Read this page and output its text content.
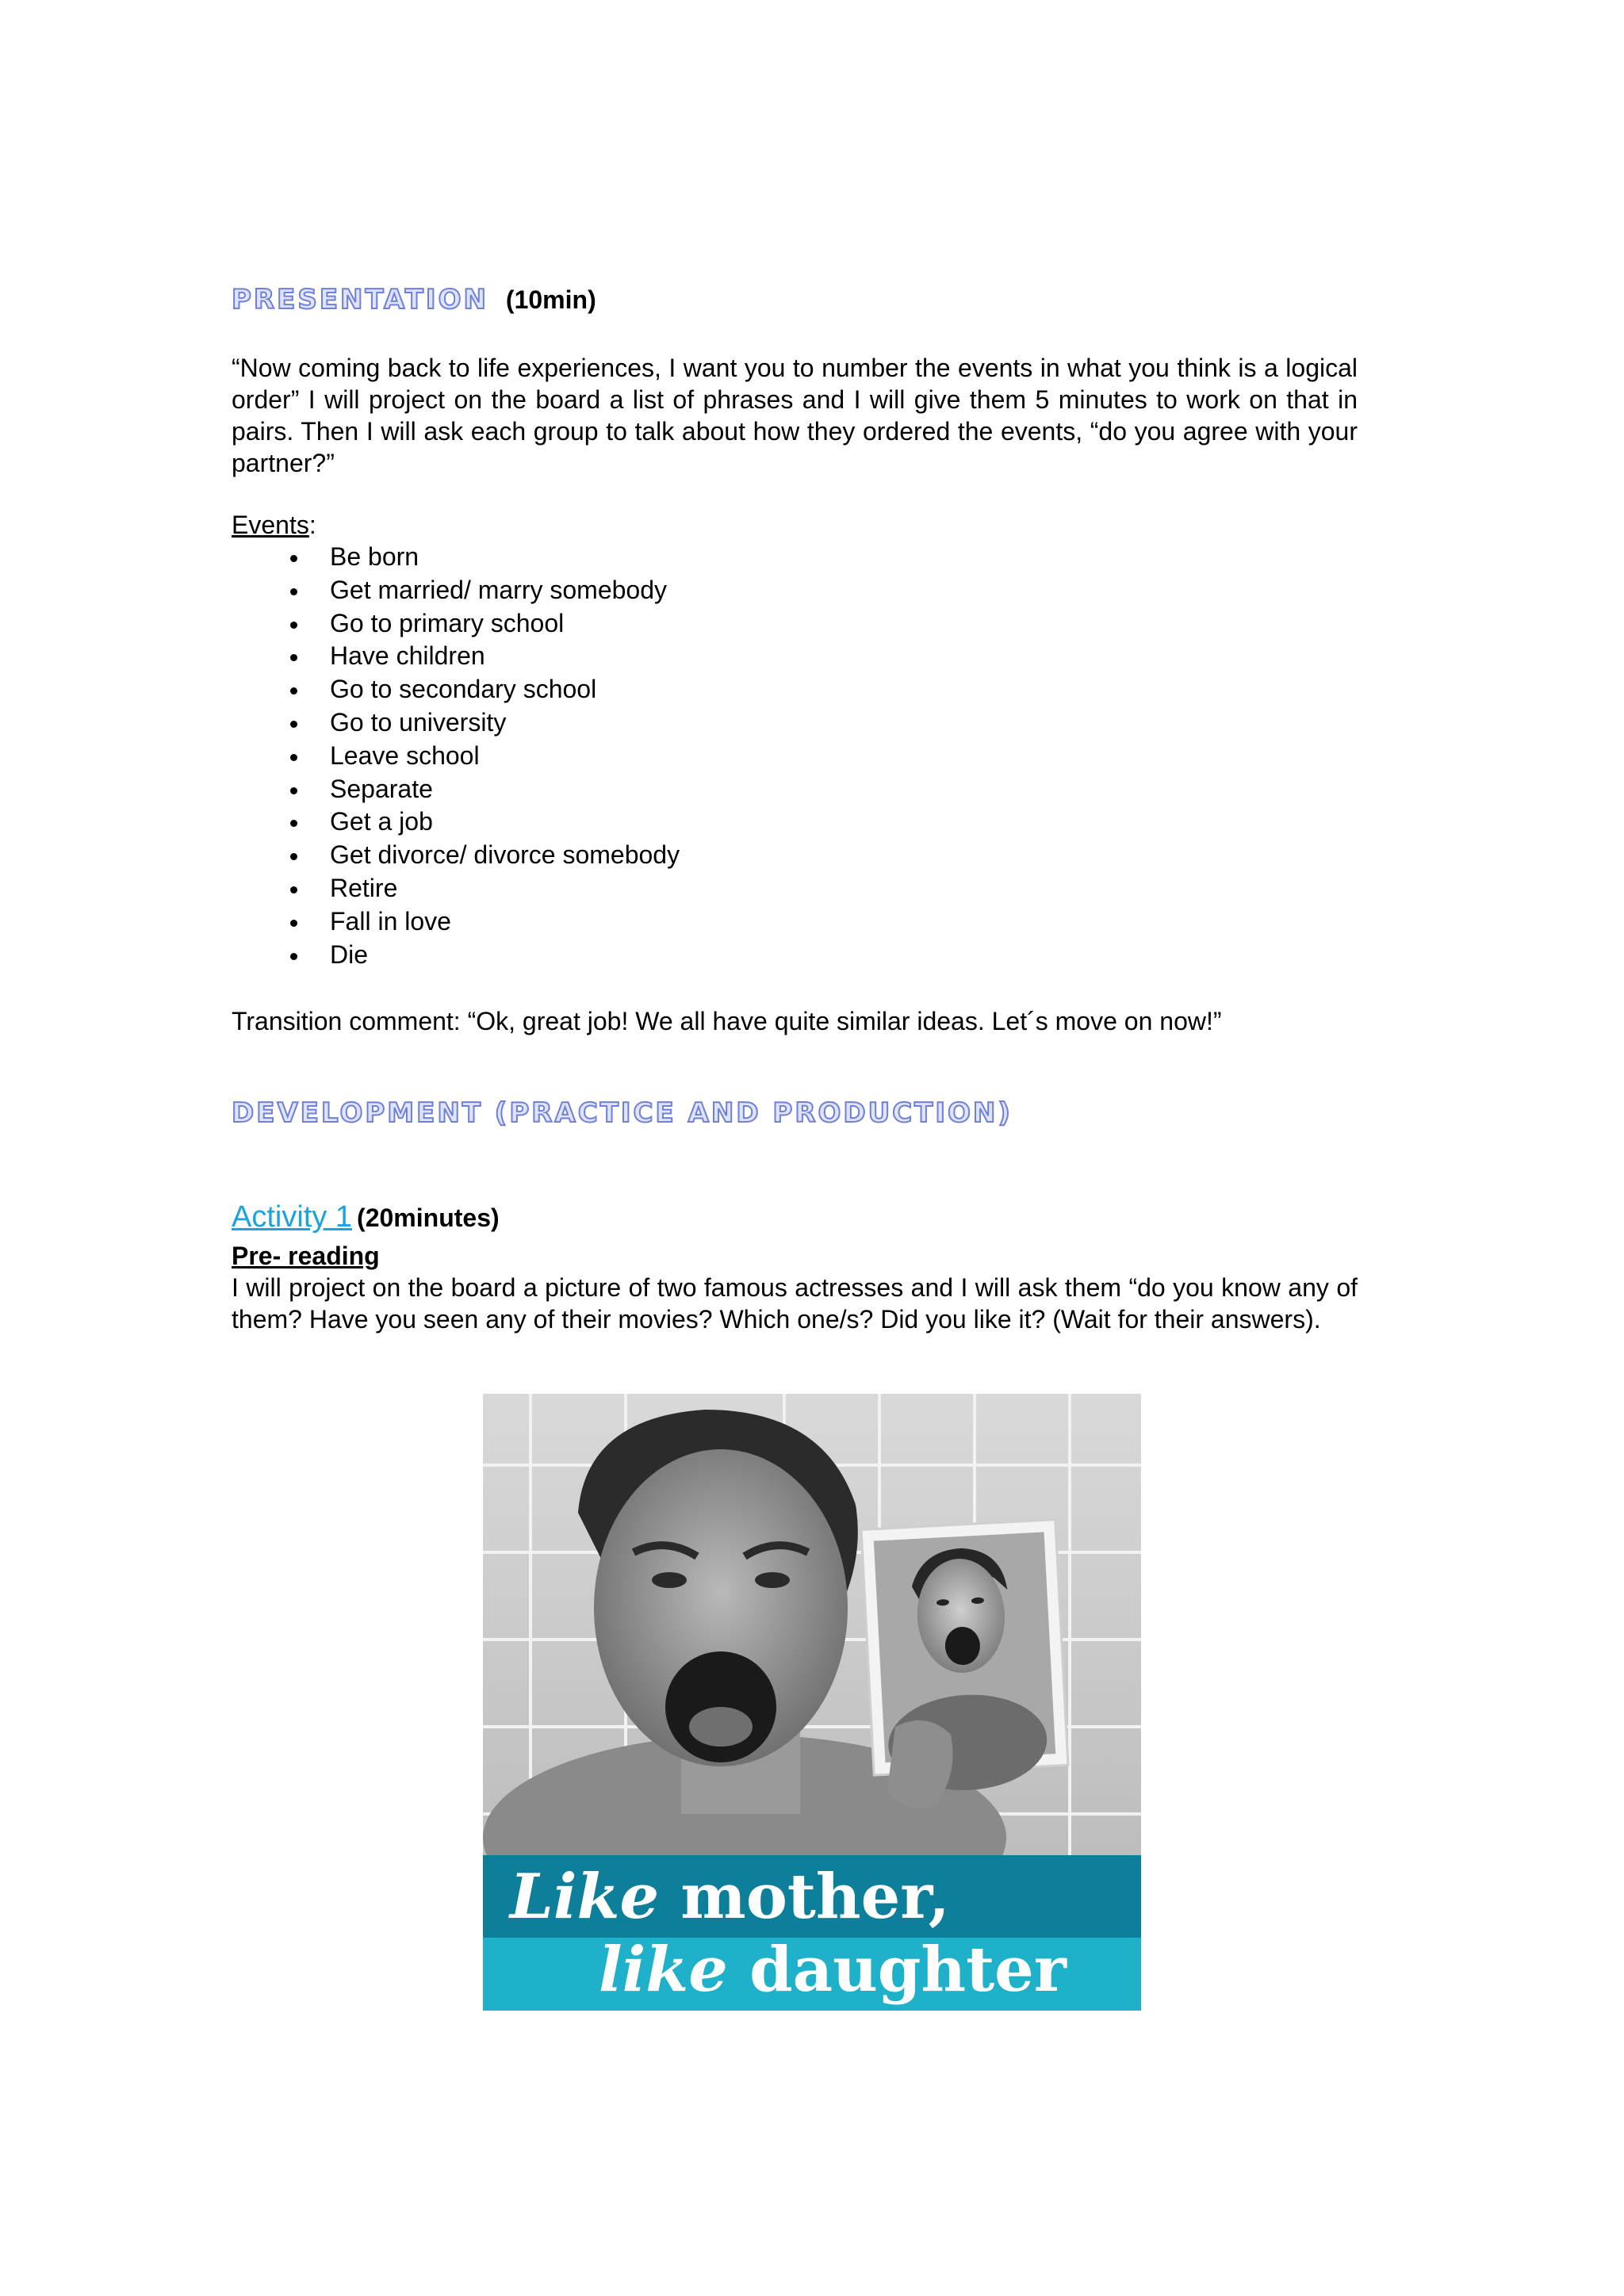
PRESENTATION (10min)

“Now coming back to life experiences, I want you to number the events in what you think is a logical order” I will project on the board a list of phrases and I will give them 5 minutes to work on that in pairs. Then I will ask each group to talk about how they ordered the events, “do you agree with your partner?”

Events:
Be born
Get married/ marry somebody
Go to primary school
Have children
Go to secondary school
Go to university
Leave school
Separate
Get a job
Get divorce/ divorce somebody
Retire
Fall in love
Die

Transition comment: “Ok, great job! We all have quite similar ideas. Let´s move on now!”

DEVELOPMENT (PRACTICE AND PRODUCTION)
Activity 1 (20minutes)
Pre- reading

I will project on the board a picture of two famous actresses and I will ask them “do you know any of them? Have you seen any of their movies? Which one/s? Did you like it? (Wait for their answers).

Like mother,
like daughter
